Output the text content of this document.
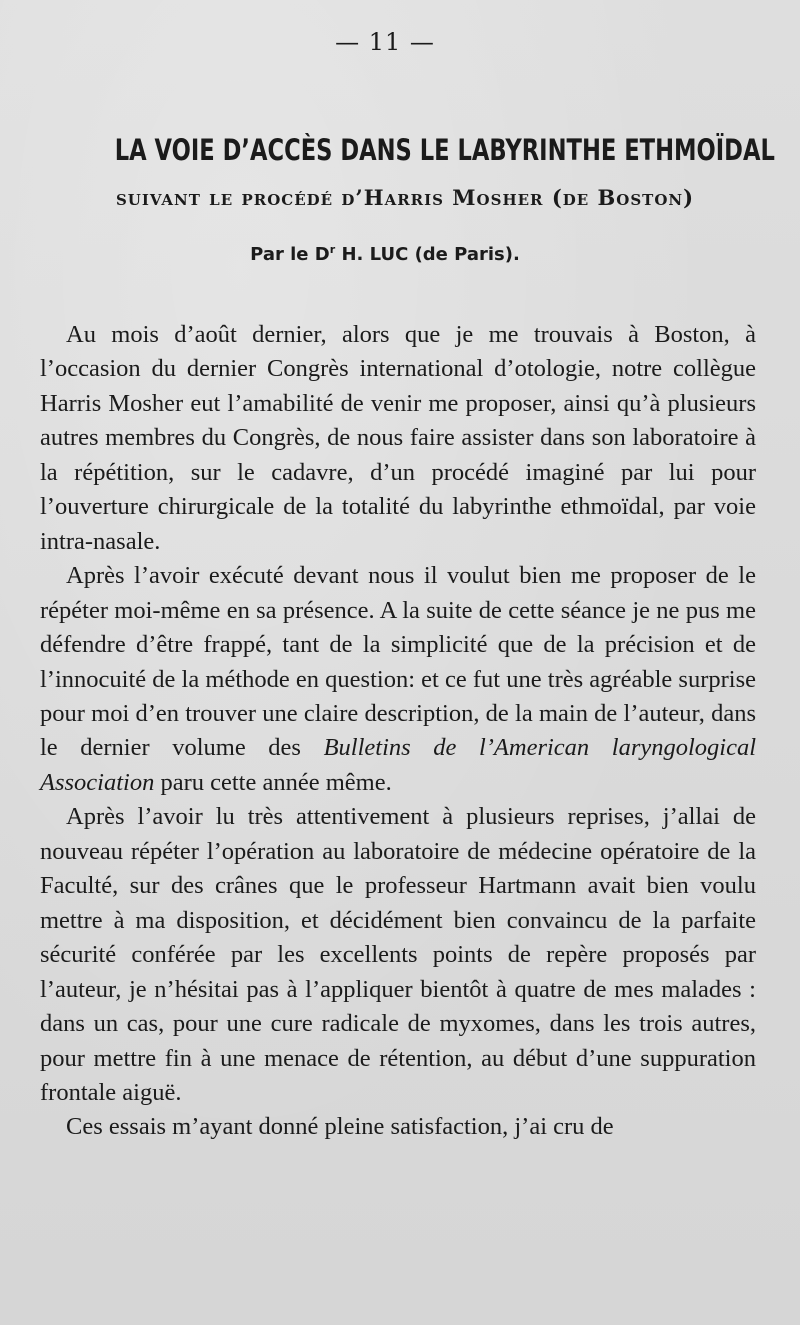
— 11 —
LA VOIE D’ACCÈS DANS LE LABYRINTHE ETHMOÏDAL
suivant le procédé d’Harris Mosher (de Boston)
Par le $D^r$ H. LUC (de Paris).

Au mois d’août dernier, alors que je me trouvais à Boston, à l’occasion du dernier Congrès international d’otologie, notre collègue Harris Mosher eut l’amabilité de venir me proposer, ainsi qu’à plusieurs autres membres du Congrès, de nous faire assister dans son laboratoire à la répétition, sur le cadavre, d’un procédé imaginé par lui pour l’ouverture chirurgicale de la totalité du labyrinthe ethmoïdal, par voie intra-nasale.

Après l’avoir exécuté devant nous il voulut bien me proposer de le répéter moi-même en sa présence. A la suite de cette séance je ne pus me défendre d’être frappé, tant de la simplicité que de la précision et de l’innocuité de la méthode en question: et ce fut une très agréable surprise pour moi d’en trouver une claire description, de la main de l’auteur, dans le dernier volume des Bulletins de l’American laryngological Association paru cette année même.

Après l’avoir lu très attentivement à plusieurs reprises, j’allai de nouveau répéter l’opération au laboratoire de médecine opératoire de la Faculté, sur des crânes que le professeur Hartmann avait bien voulu mettre à ma disposition, et décidément bien convaincu de la parfaite sécurité conférée par les excellents points de repère proposés par l’auteur, je n’hésitai pas à l’appliquer bientôt à quatre de mes malades : dans un cas, pour une cure radicale de myxomes, dans les trois autres, pour mettre fin à une menace de rétention, au début d’une suppuration frontale aiguë.

Ces essais m’ayant donné pleine satisfaction, j’ai cru de
